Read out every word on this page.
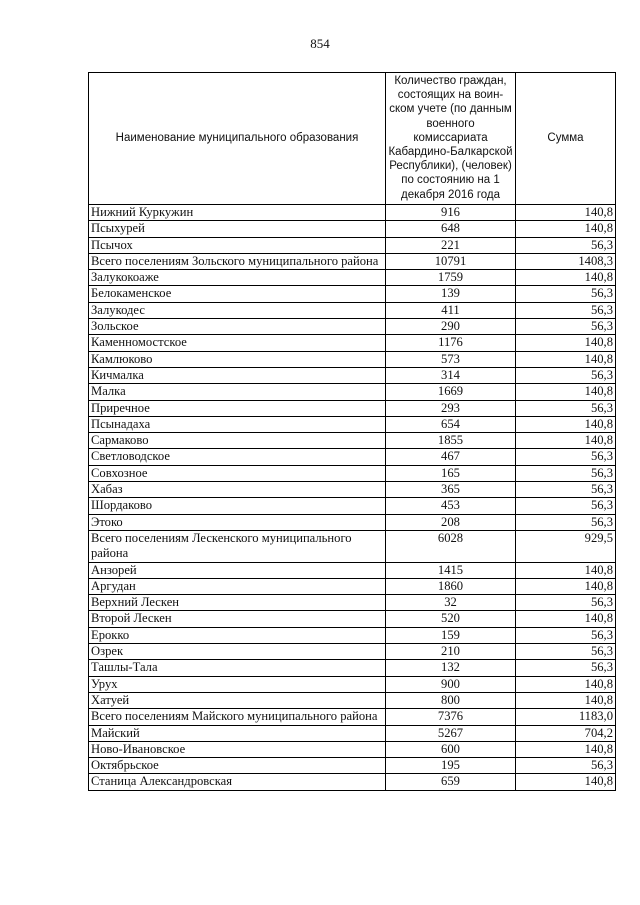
854
Наименование муниципального образования	Количество граждан, состоящих на воин-ском учете (по данным военного комиссариата Кабардино-Балкарской Республики), (человек) по состоянию на 1 декабря 2016 года	Сумма
Нижний Куркужин	916	140,8
Псыхурей	648	140,8
Псычох	221	56,3
Всего поселениям Зольского муниципального района	10791	1408,3
Залукокоаже	1759	140,8
Белокаменское	139	56,3
Залукодес	411	56,3
Зольское	290	56,3
Каменномостское	1176	140,8
Камлюково	573	140,8
Кичмалка	314	56,3
Малка	1669	140,8
Приречное	293	56,3
Псынадаха	654	140,8
Сармаково	1855	140,8
Светловодское	467	56,3
Совхозное	165	56,3
Хабаз	365	56,3
Шордаково	453	56,3
Этоко	208	56,3
Всего поселениям Лескенского муниципального района	6028	929,5
Анзорей	1415	140,8
Аргудан	1860	140,8
Верхний Лескен	32	56,3
Второй Лескен	520	140,8
Ерокко	159	56,3
Озрек	210	56,3
Ташлы-Тала	132	56,3
Урух	900	140,8
Хатуей	800	140,8
Всего поселениям Майского муниципального района	7376	1183,0
Майский	5267	704,2
Ново-Ивановское	600	140,8
Октябрьское	195	56,3
Станица Александровская	659	140,8
